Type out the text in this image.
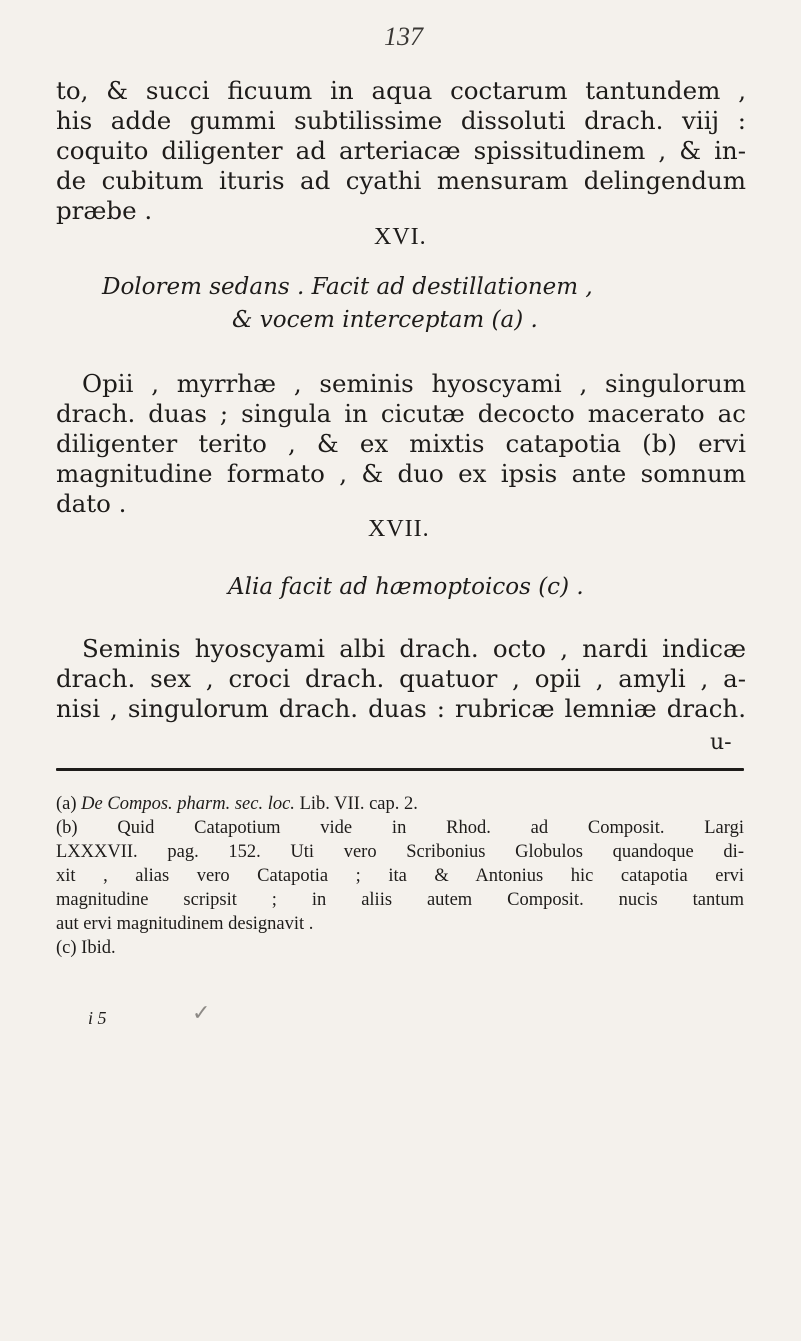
137
to, & succi ficuum in aqua coctarum tantundem ,
his adde gummi subtilissime dissoluti drach. viij :
coquito diligenter ad arteriacæ spissitudinem , & in-
de cubitum ituris ad cyathi mensuram delingendum
præbe .
XVI.
Dolorem sedans . Facit ad destillationem ,
& vocem interceptam (a) .
Opii , myrrhæ , seminis hyoscyami , singulorum
drach. duas ; singula in cicutæ decocto macerato ac
diligenter terito , & ex mixtis catapotia (b) ervi
magnitudine formato , & duo ex ipsis ante somnum
dato .
XVII.
Alia facit ad hæmoptoicos (c) .
Seminis hyoscyami albi drach. octo , nardi indicæ
drach. sex , croci drach. quatuor , opii , amyli , a-
nisi , singulorum drach. duas : rubricæ lemniæ drach.
u-
(a) De Compos. pharm. sec. loc. Lib. VII. cap. 2.
(b) Quid Catapotium vide in Rhod. ad Composit. Largi
LXXXVII. pag. 152. Uti vero Scribonius Globulos quandoque di-
xit , alias vero Catapotia ; ita & Antonius hic catapotia ervi
magnitudine scripsit ; in aliis autem Composit. nucis tantum
aut ervi magnitudinem designavit .
(c) Ibid.
i 5	✓
